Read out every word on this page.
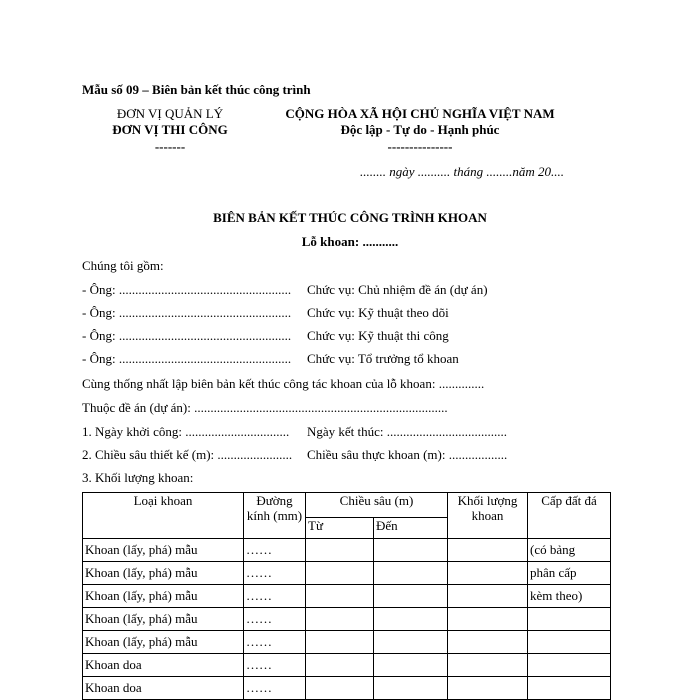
Mẫu số 09 – Biên bản kết thúc công trình
ĐƠN VỊ QUẢN LÝ
ĐƠN VỊ THI CÔNG
-------
CỘNG HÒA XÃ HỘI CHỦ NGHĨA VIỆT NAM
Độc lập - Tự do - Hạnh phúc
---------------
........ ngày .......... tháng ........năm 20....
BIÊN BẢN KẾT THÚC CÔNG TRÌNH KHOAN
Lỗ khoan: ...........
Chúng tôi gồm:
- Ông: ..................................................... Chức vụ: Chủ nhiệm đề án (dự án)
- Ông: ..................................................... Chức vụ: Kỹ thuật theo dõi
- Ông: ..................................................... Chức vụ: Kỹ thuật thi công
- Ông: ..................................................... Chức vụ: Tổ trưởng tổ khoan
Cùng thống nhất lập biên bản kết thúc công tác khoan của lỗ khoan: ..............
Thuộc đề án (dự án): ..............................................................................
1. Ngày khởi công: ................................ Ngày kết thúc: .....................................
2. Chiều sâu thiết kế (m): ....................... Chiều sâu thực khoan (m): ..................
3. Khối lượng khoan:
Loại khoan	Đường kính (mm)	Chiều sâu (m)		Khối lượng khoan	Cấp đất đá
		Từ	Đến		
Khoan (lấy, phá) mẫu	……				(có bảng
Khoan (lấy, phá) mẫu	……				phân cấp
Khoan (lấy, phá) mẫu	……				kèm theo)
Khoan (lấy, phá) mẫu	……				
Khoan (lấy, phá) mẫu	……				
Khoan doa	……				
Khoan doa	……				
